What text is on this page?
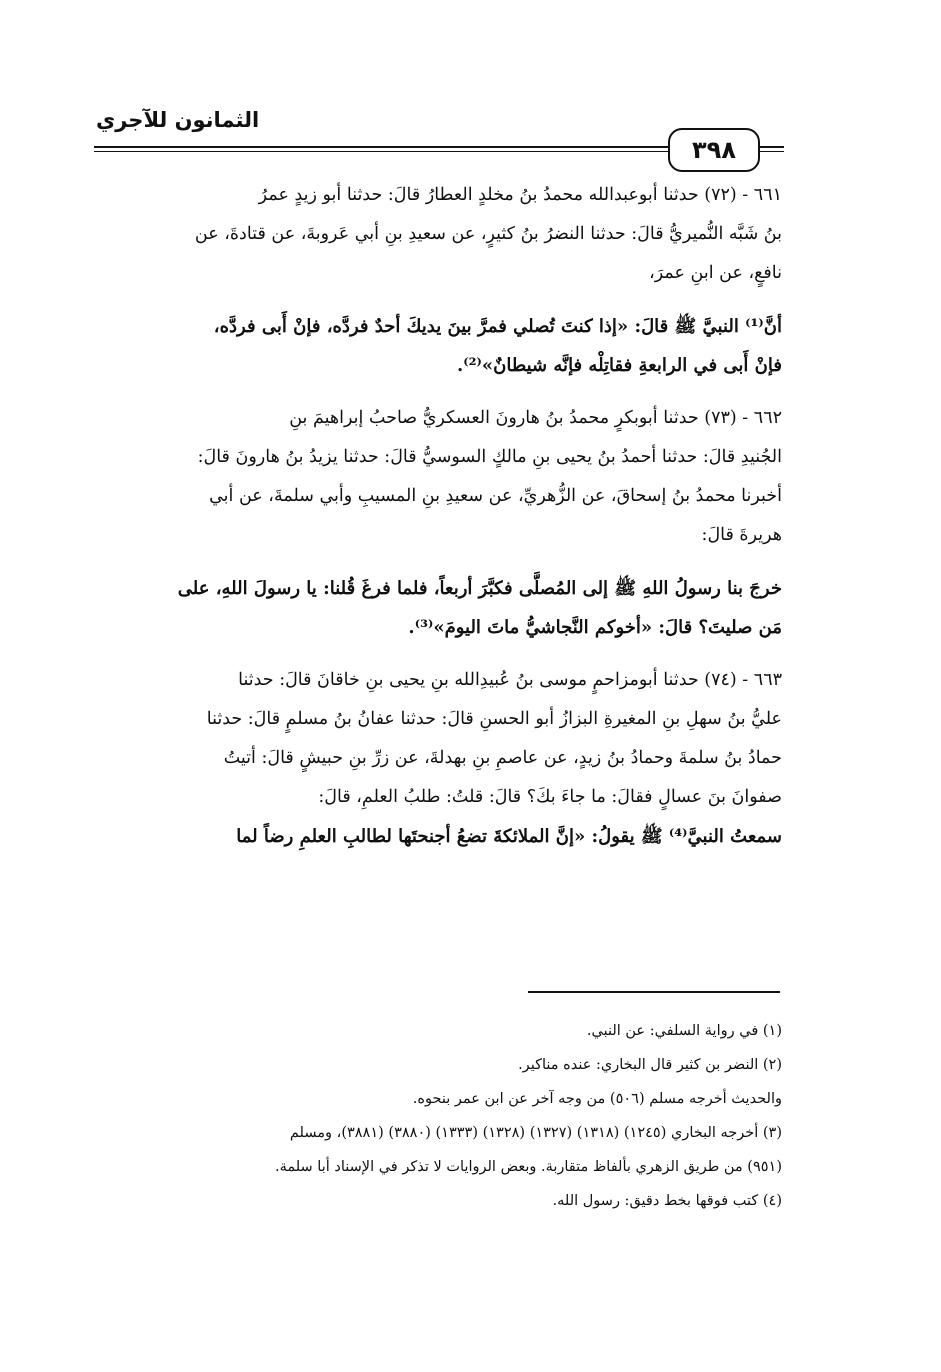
الثمانون للآجري
٣٩٨
٦٦١ - (٧٢) حدثنا أبوعبدالله محمدُ بنُ مخلدٍ العطارُ قالَ: حدثنا أبو زيدٍ عمرُ
بنُ شَبَّه النُّميريُّ قالَ: حدثنا النضرُ بنُ كثيرٍ، عن سعيدِ بنِ أبي عَروبةَ، عن قتادةَ، عن
نافعٍ، عن ابنِ عمرَ،
أنَّ⁽¹⁾ النبيَّ ﷺ قالَ: «إذا كنتَ تُصلي فمرَّ بينَ يديكَ أحدٌ فردَّه، فإنْ أَبى فردَّه،
فإنْ أَبى في الرابعةِ فقاتِلْه فإنَّه شيطانٌ»⁽²⁾.
٦٦٢ - (٧٣) حدثنا أبوبكرٍ محمدُ بنُ هارونَ العسكريُّ صاحبُ إبراهيمَ بنِ
الجُنيدِ قالَ: حدثنا أحمدُ بنُ يحيى بنِ مالكٍ السوسيُّ قالَ: حدثنا يزيدُ بنُ هارونَ قالَ:
أخبرنا محمدُ بنُ إسحاقَ، عن الزُّهريِّ، عن سعيدِ بنِ المسيبِ وأبي سلمةَ، عن أبي
هريرةَ قالَ:
خرجَ بنا رسولُ اللهِ ﷺ إلى المُصلَّى فكبَّرَ أربعاً، فلما فرغَ قُلنا: يا رسولَ اللهِ، على
مَن صليتَ؟ قالَ: «أخوكم النَّجاشيُّ ماتَ اليومَ»⁽³⁾.
٦٦٣ - (٧٤) حدثنا أبومزاحمٍ موسى بنُ عُبيدِالله بنِ يحيى بنِ خاقانَ قالَ: حدثنا
عليُّ بنُ سهلِ بنِ المغيرةِ البزازُ أبو الحسنِ قالَ: حدثنا عفانُ بنُ مسلمٍ قالَ: حدثنا
حمادُ بنُ سلمةَ وحمادُ بنُ زيدٍ، عن عاصمِ بنِ بهدلةَ، عن زرِّ بنِ حبيشٍ قالَ: أتيتُ
صفوانَ بنَ عسالٍ فقالَ: ما جاءَ بكَ؟ قالَ: قلتُ: طلبُ العلمِ، قالَ:
سمعتُ النبيَّ⁽⁴⁾ ﷺ يقولُ: «إنَّ الملائكةَ تضعُ أجنحتَها لطالبِ العلمِ رضاً لما
(١) في رواية السلفي: عن النبي.
(٢) النضر بن كثير قال البخاري: عنده مناكير.
والحديث أخرجه مسلم (٥٠٦) من وجه آخر عن ابن عمر بنحوه.
(٣) أخرجه البخاري (١٢٤٥) (١٣١٨) (١٣٢٧) (١٣٢٨) (١٣٣٣) (٣٨٨٠) (٣٨٨١)، ومسلم
(٩٥١) من طريق الزهري بألفاظ متقاربة. وبعض الروايات لا تذكر في الإسناد أبا سلمة.
(٤) كتب فوقها بخط دقيق: رسول الله.
